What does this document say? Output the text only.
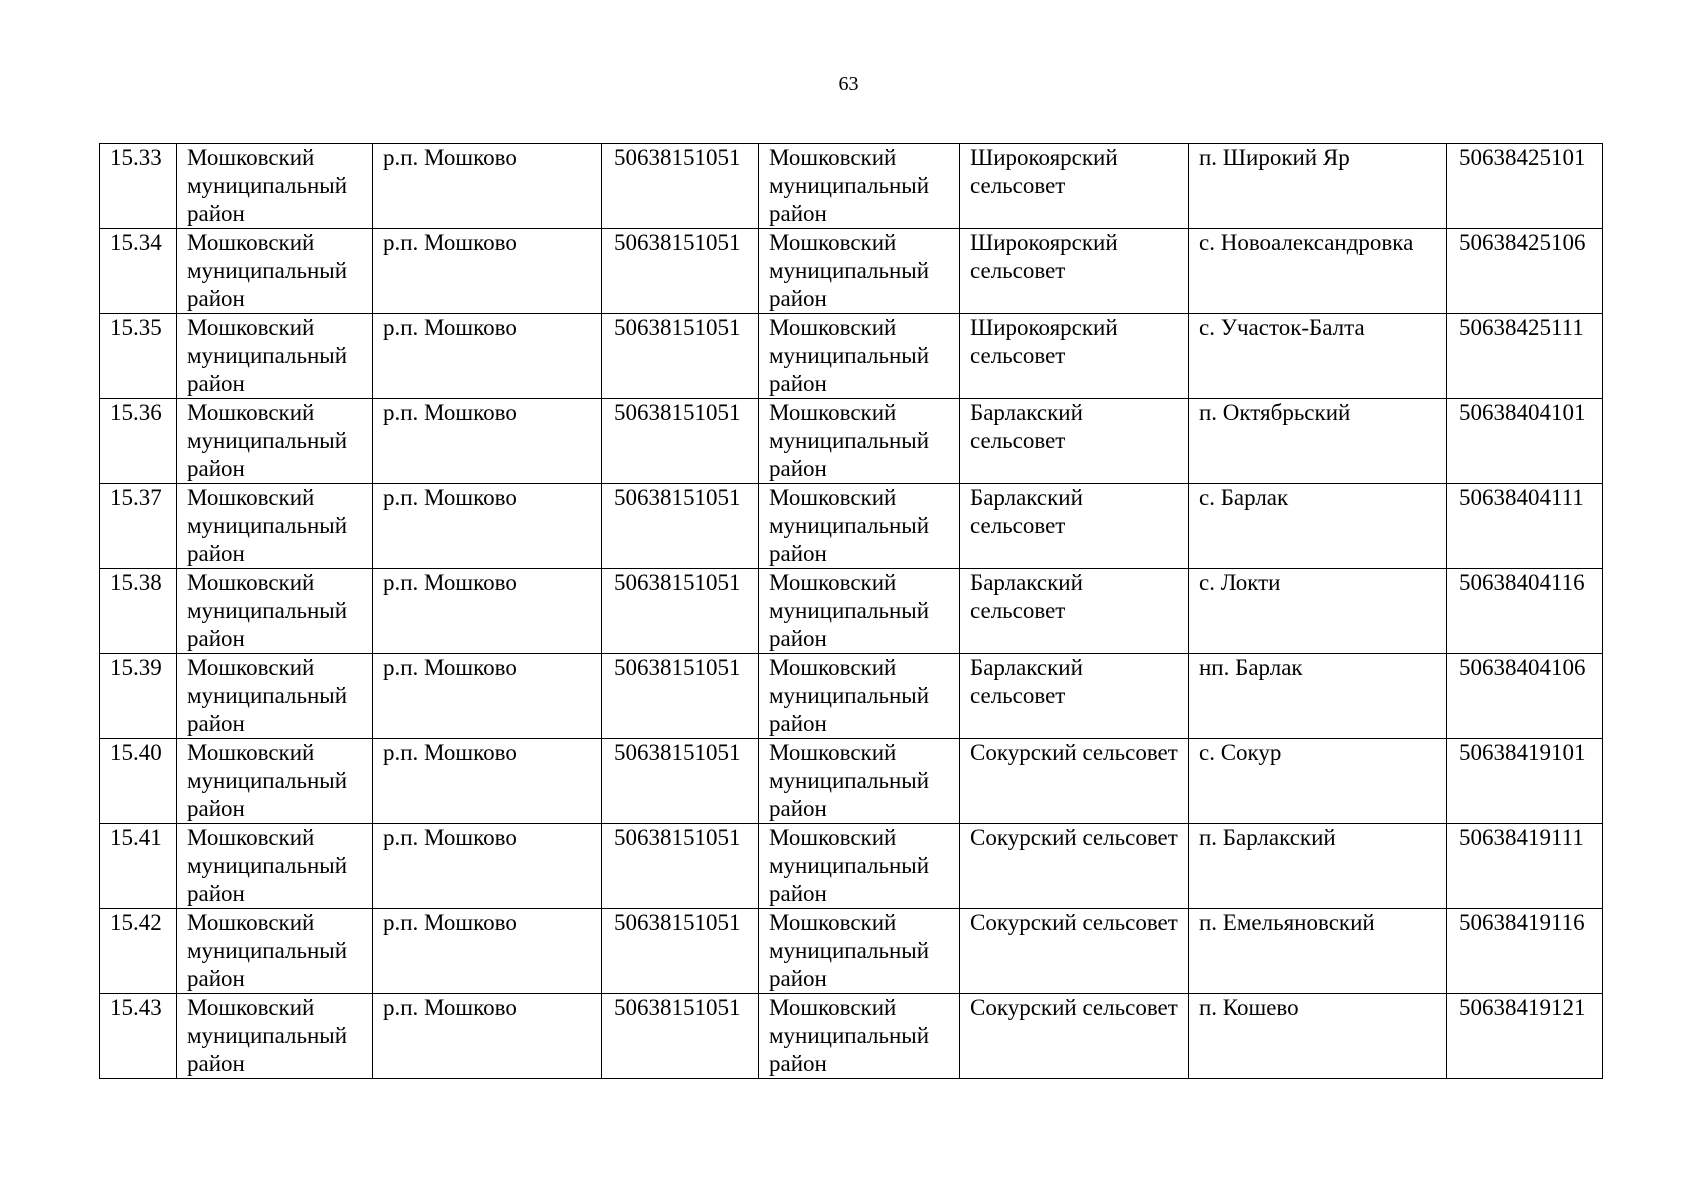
63
15.33	Мошковский муниципальный район	р.п. Мошково	50638151051	Мошковский муниципальный район	Широкоярский сельсовет	п. Широкий Яр	50638425101
15.34	Мошковский муниципальный район	р.п. Мошково	50638151051	Мошковский муниципальный район	Широкоярский сельсовет	с. Новоалександровка	50638425106
15.35	Мошковский муниципальный район	р.п. Мошково	50638151051	Мошковский муниципальный район	Широкоярский сельсовет	с. Участок-Балта	50638425111
15.36	Мошковский муниципальный район	р.п. Мошково	50638151051	Мошковский муниципальный район	Барлакский сельсовет	п. Октябрьский	50638404101
15.37	Мошковский муниципальный район	р.п. Мошково	50638151051	Мошковский муниципальный район	Барлакский сельсовет	с. Барлак	50638404111
15.38	Мошковский муниципальный район	р.п. Мошково	50638151051	Мошковский муниципальный район	Барлакский сельсовет	с. Локти	50638404116
15.39	Мошковский муниципальный район	р.п. Мошково	50638151051	Мошковский муниципальный район	Барлакский сельсовет	нп. Барлак	50638404106
15.40	Мошковский муниципальный район	р.п. Мошково	50638151051	Мошковский муниципальный район	Сокурский сельсовет	с. Сокур	50638419101
15.41	Мошковский муниципальный район	р.п. Мошково	50638151051	Мошковский муниципальный район	Сокурский сельсовет	п. Барлакский	50638419111
15.42	Мошковский муниципальный район	р.п. Мошково	50638151051	Мошковский муниципальный район	Сокурский сельсовет	п. Емельяновский	50638419116
15.43	Мошковский муниципальный район	р.п. Мошково	50638151051	Мошковский муниципальный район	Сокурский сельсовет	п. Кошево	50638419121
